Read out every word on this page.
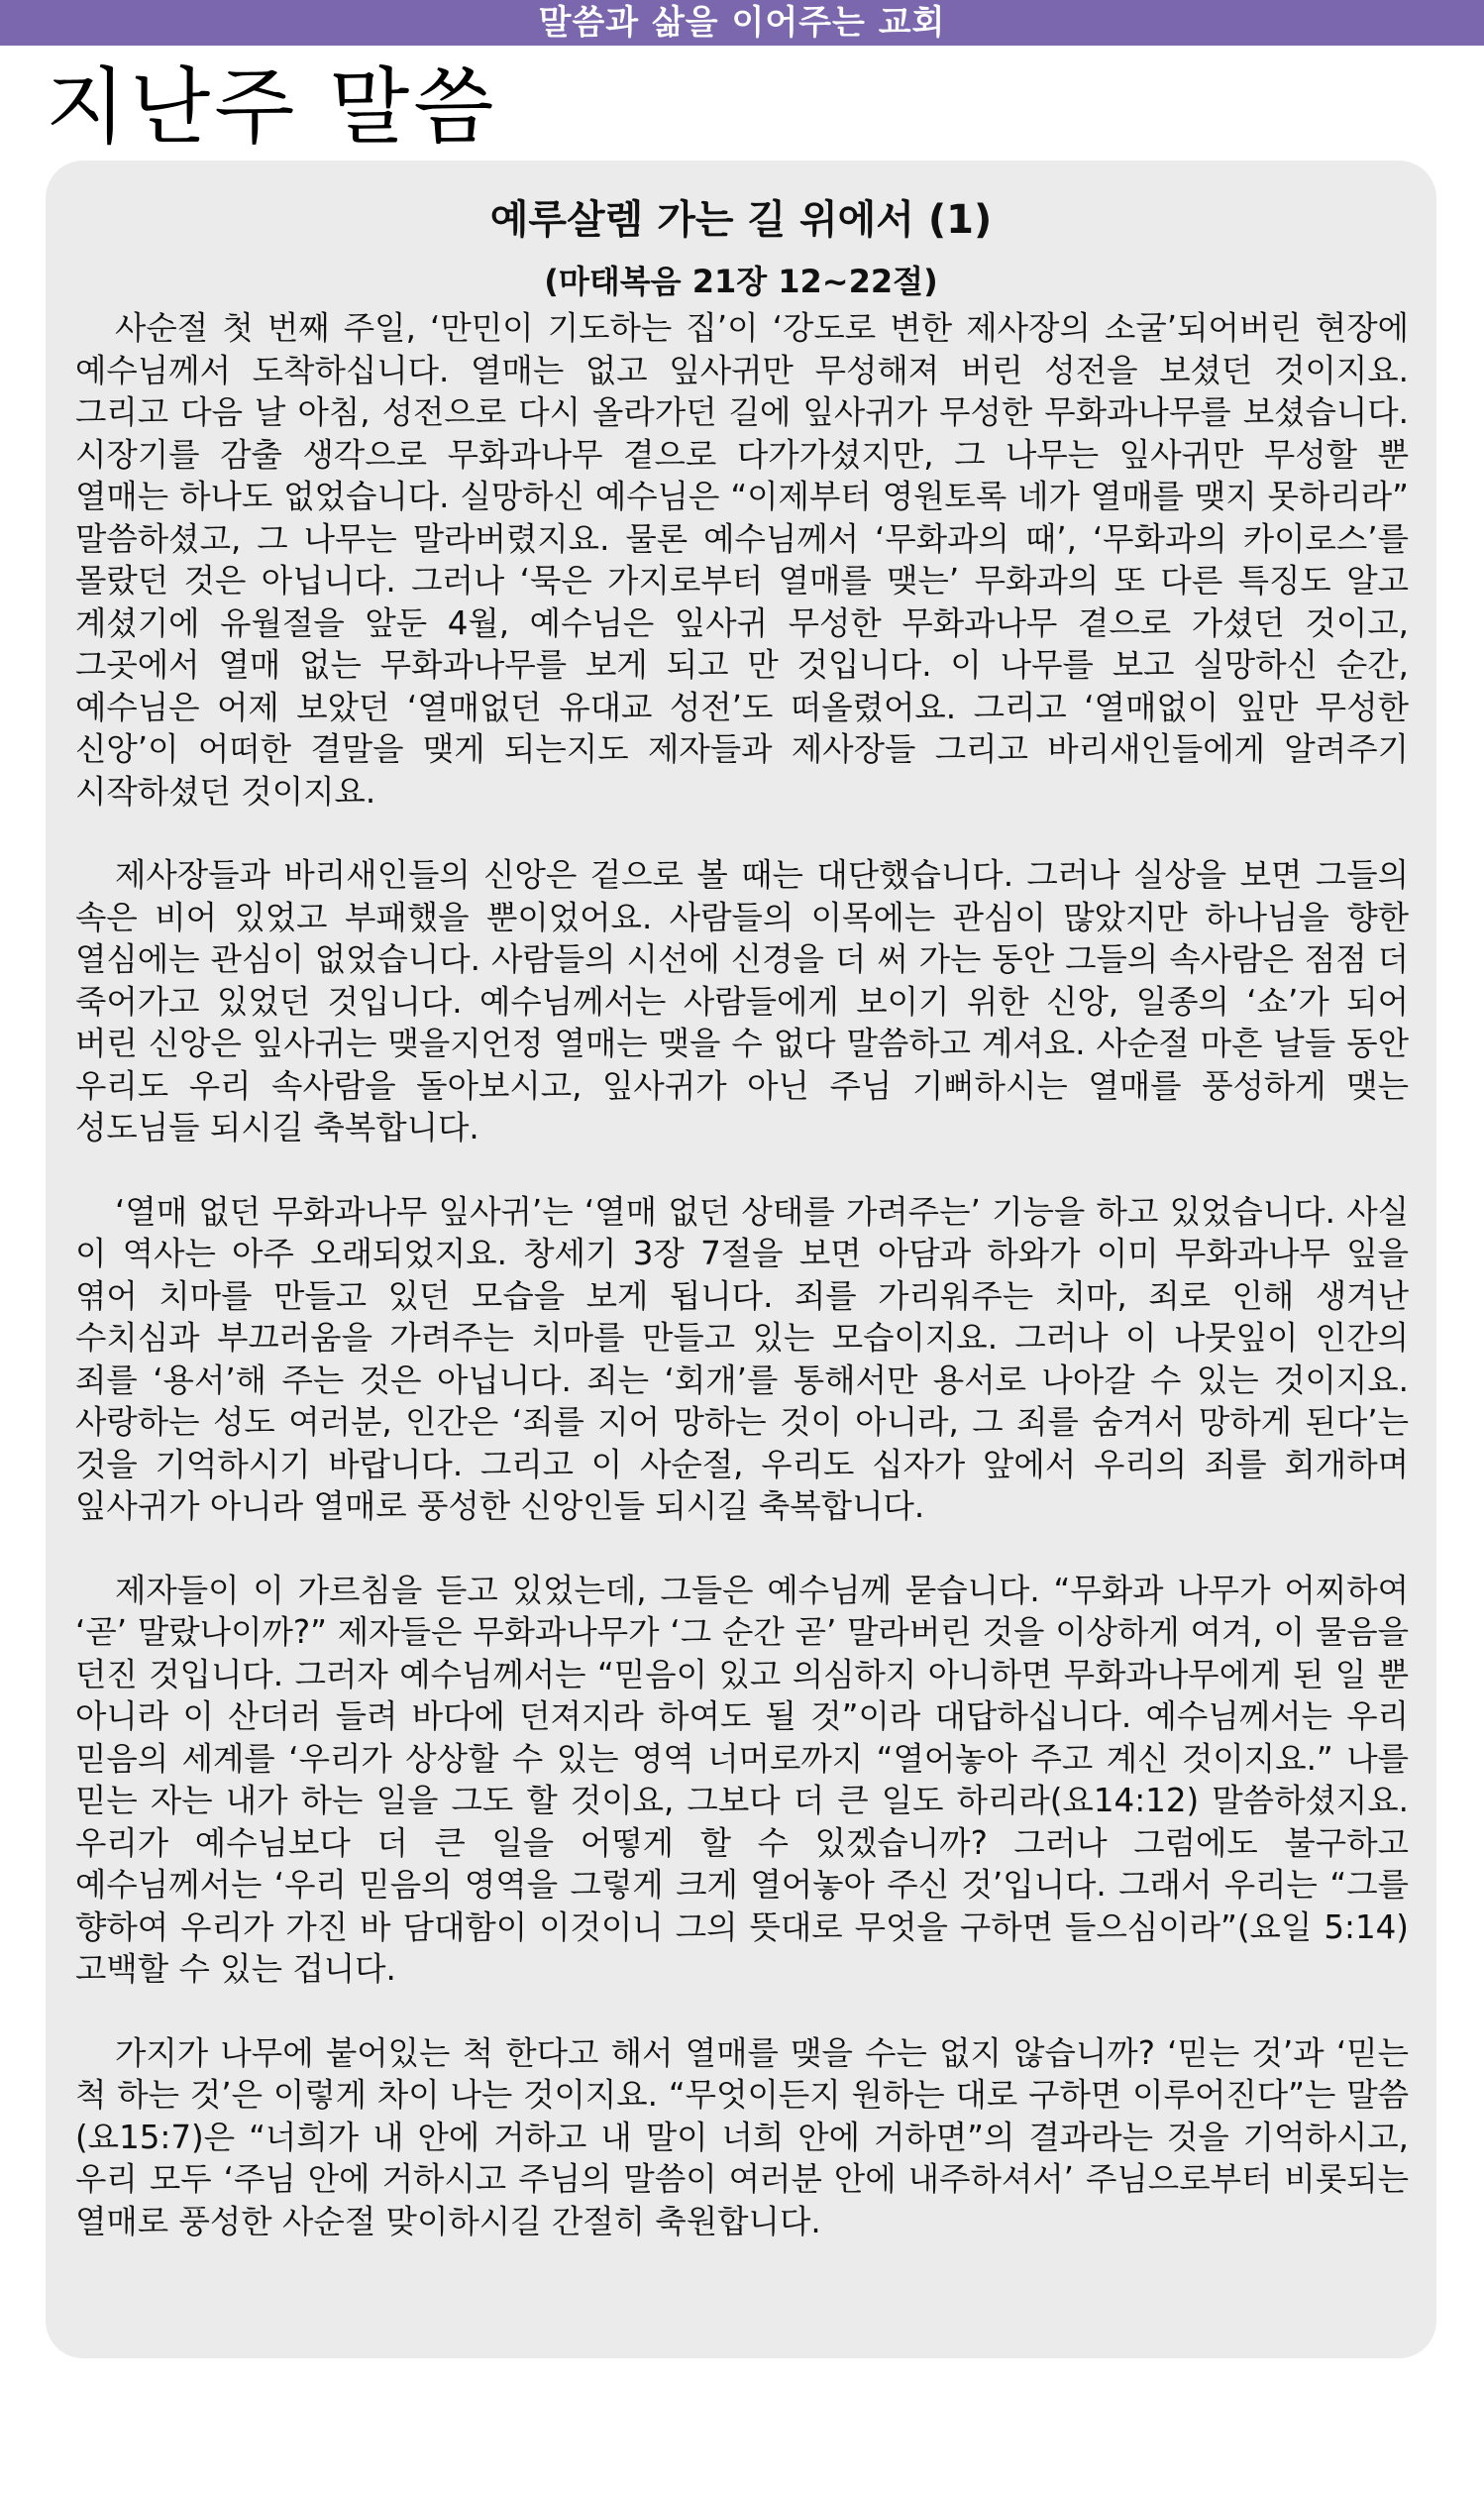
말씀과 삶을 이어주는 교회
지난주 말씀
예루살렘 가는 길 위에서 (1)
(마태복음 21장 12~22절)

사순절 첫 번째 주일, ‘만민이 기도하는 집’이 ‘강도로 변한 제사장의 소굴’되어버린 현장에 예수님께서 도착하십니다. 열매는 없고 잎사귀만 무성해져 버린 성전을 보셨던 것이지요. 그리고 다음 날 아침, 성전으로 다시 올라가던 길에 잎사귀가 무성한 무화과나무를 보셨습니다. 시장기를 감출 생각으로 무화과나무 곁으로 다가가셨지만, 그 나무는 잎사귀만 무성할 뿐 열매는 하나도 없었습니다. 실망하신 예수님은 “이제부터 영원토록 네가 열매를 맺지 못하리라” 말씀하셨고, 그 나무는 말라버렸지요. 물론 예수님께서 ‘무화과의 때’, ‘무화과의 카이로스’를 몰랐던 것은 아닙니다. 그러나 ‘묵은 가지로부터 열매를 맺는’ 무화과의 또 다른 특징도 알고 계셨기에 유월절을 앞둔 4월, 예수님은 잎사귀 무성한 무화과나무 곁으로 가셨던 것이고, 그곳에서 열매 없는 무화과나무를 보게 되고 만 것입니다. 이 나무를 보고 실망하신 순간, 예수님은 어제 보았던 ‘열매없던 유대교 성전’도 떠올렸어요. 그리고 ‘열매없이 잎만 무성한 신앙’이 어떠한 결말을 맺게 되는지도 제자들과 제사장들 그리고 바리새인들에게 알려주기 시작하셨던 것이지요.

제사장들과 바리새인들의 신앙은 겉으로 볼 때는 대단했습니다. 그러나 실상을 보면 그들의 속은 비어 있었고 부패했을 뿐이었어요. 사람들의 이목에는 관심이 많았지만 하나님을 향한 열심에는 관심이 없었습니다. 사람들의 시선에 신경을 더 써 가는 동안 그들의 속사람은 점점 더 죽어가고 있었던 것입니다. 예수님께서는 사람들에게 보이기 위한 신앙, 일종의 ‘쇼’가 되어 버린 신앙은 잎사귀는 맺을지언정 열매는 맺을 수 없다 말씀하고 계셔요. 사순절 마흔 날들 동안 우리도 우리 속사람을 돌아보시고, 잎사귀가 아닌 주님 기뻐하시는 열매를 풍성하게 맺는 성도님들 되시길 축복합니다.

‘열매 없던 무화과나무 잎사귀’는 ‘열매 없던 상태를 가려주는’ 기능을 하고 있었습니다. 사실 이 역사는 아주 오래되었지요. 창세기 3장 7절을 보면 아담과 하와가 이미 무화과나무 잎을 엮어 치마를 만들고 있던 모습을 보게 됩니다. 죄를 가리워주는 치마, 죄로 인해 생겨난 수치심과 부끄러움을 가려주는 치마를 만들고 있는 모습이지요. 그러나 이 나뭇잎이 인간의 죄를 ‘용서’해 주는 것은 아닙니다. 죄는 ‘회개’를 통해서만 용서로 나아갈 수 있는 것이지요. 사랑하는 성도 여러분, 인간은 ‘죄를 지어 망하는 것이 아니라, 그 죄를 숨겨서 망하게 된다’는 것을 기억하시기 바랍니다. 그리고 이 사순절, 우리도 십자가 앞에서 우리의 죄를 회개하며 잎사귀가 아니라 열매로 풍성한 신앙인들 되시길 축복합니다.

제자들이 이 가르침을 듣고 있었는데, 그들은 예수님께 묻습니다. “무화과 나무가 어찌하여 ‘곧’ 말랐나이까?” 제자들은 무화과나무가 ‘그 순간 곧’ 말라버린 것을 이상하게 여겨, 이 물음을 던진 것입니다. 그러자 예수님께서는 “믿음이 있고 의심하지 아니하면 무화과나무에게 된 일 뿐 아니라 이 산더러 들려 바다에 던져지라 하여도 될 것”이라 대답하십니다. 예수님께서는 우리 믿음의 세계를 ‘우리가 상상할 수 있는 영역 너머로까지 “열어놓아 주고 계신 것이지요.” 나를 믿는 자는 내가 하는 일을 그도 할 것이요, 그보다 더 큰 일도 하리라(요14:12) 말씀하셨지요. 우리가 예수님보다 더 큰 일을 어떻게 할 수 있겠습니까? 그러나 그럼에도 불구하고 예수님께서는 ‘우리 믿음의 영역을 그렇게 크게 열어놓아 주신 것’입니다. 그래서 우리는 “그를 향하여 우리가 가진 바 담대함이 이것이니 그의 뜻대로 무엇을 구하면 들으심이라”(요일 5:14) 고백할 수 있는 겁니다.

가지가 나무에 붙어있는 척 한다고 해서 열매를 맺을 수는 없지 않습니까? ‘믿는 것’과 ‘믿는 척 하는 것’은 이렇게 차이 나는 것이지요. “무엇이든지 원하는 대로 구하면 이루어진다”는 말씀(요15:7)은 “너희가 내 안에 거하고 내 말이 너희 안에 거하면”의 결과라는 것을 기억하시고, 우리 모두 ‘주님 안에 거하시고 주님의 말씀이 여러분 안에 내주하셔서’ 주님으로부터 비롯되는 열매로 풍성한 사순절 맞이하시길 간절히 축원합니다.
